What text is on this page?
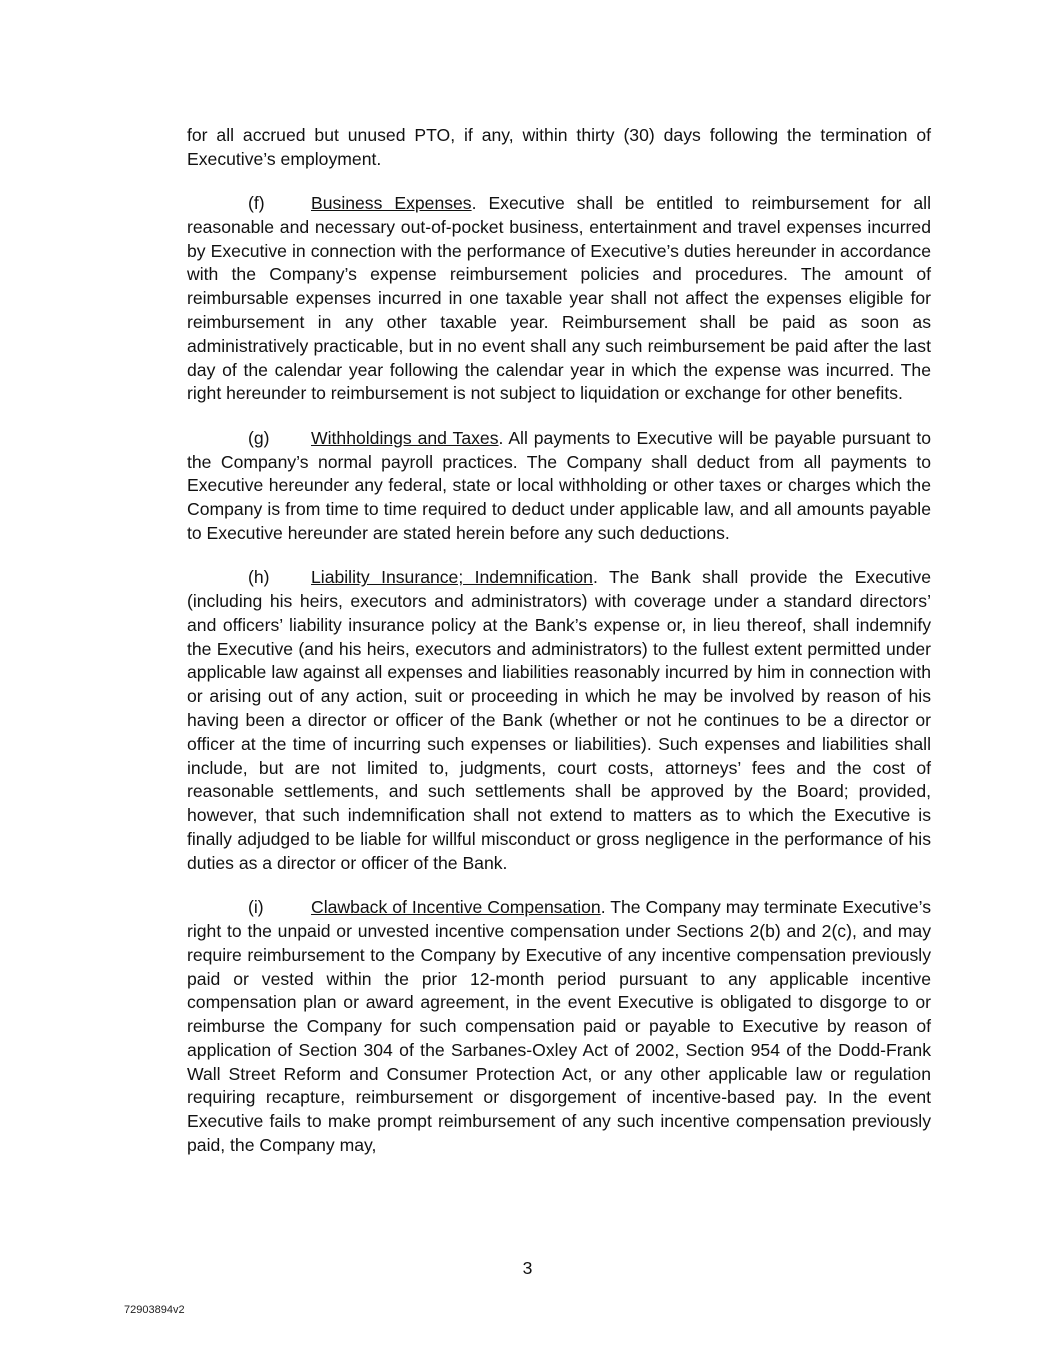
for all accrued but unused PTO, if any, within thirty (30) days following the termination of Executive’s employment.

(f)	Business Expenses. Executive shall be entitled to reimbursement for all reasonable and necessary out-of-pocket business, entertainment and travel expenses incurred by Executive in connection with the performance of Executive’s duties hereunder in accordance with the Company’s expense reimbursement policies and procedures. The amount of reimbursable expenses incurred in one taxable year shall not affect the expenses eligible for reimbursement in any other taxable year. Reimbursement shall be paid as soon as administratively practicable, but in no event shall any such reimbursement be paid after the last day of the calendar year following the calendar year in which the expense was incurred. The right hereunder to reimbursement is not subject to liquidation or exchange for other benefits.

(g) Withholdings and Taxes. All payments to Executive will be payable pursuant to the Company’s normal payroll practices. The Company shall deduct from all payments to Executive hereunder any federal, state or local withholding or other taxes or charges which the Company is from time to time required to deduct under applicable law, and all amounts payable to Executive hereunder are stated herein before any such deductions.

(h) Liability Insurance; Indemnification. The Bank shall provide the Executive (including his heirs, executors and administrators) with coverage under a standard directors’ and officers’ liability insurance policy at the Bank’s expense or, in lieu thereof, shall indemnify the Executive (and his heirs, executors and administrators) to the fullest extent permitted under applicable law against all expenses and liabilities reasonably incurred by him in connection with or arising out of any action, suit or proceeding in which he may be involved by reason of his having been a director or officer of the Bank (whether or not he continues to be a director or officer at the time of incurring such expenses or liabilities). Such expenses and liabilities shall include, but are not limited to, judgments, court costs, attorneys’ fees and the cost of reasonable settlements, and such settlements shall be approved by the Board; provided, however, that such indemnification shall not extend to matters as to which the Executive is finally adjudged to be liable for willful misconduct or gross negligence in the performance of his duties as a director or officer of the Bank.

(i)	Clawback of Incentive Compensation. The Company may terminate Executive’s right to the unpaid or unvested incentive compensation under Sections 2(b) and 2(c), and may require reimbursement to the Company by Executive of any incentive compensation previously paid or vested within the prior 12-month period pursuant to any applicable incentive compensation plan or award agreement, in the event Executive is obligated to disgorge to or reimburse the Company for such compensation paid or payable to Executive by reason of application of Section 304 of the Sarbanes-Oxley Act of 2002, Section 954 of the Dodd-Frank Wall Street Reform and Consumer Protection Act, or any other applicable law or regulation requiring recapture, reimbursement or disgorgement of incentive-based pay. In the event Executive fails to make prompt reimbursement of any such incentive compensation previously paid, the Company may,

3
72903894v2
